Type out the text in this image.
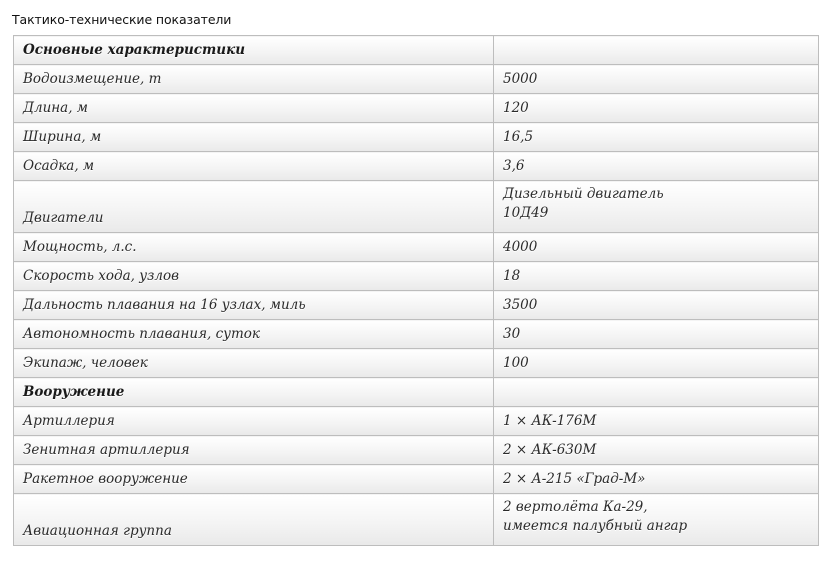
Тактико-технические показатели
Основные характеристики	
Водоизмещение, т	5000
Длина, м	120
Ширина, м	16,5
Осадка, м	3,6
Двигатели	Дизельный двигатель
10Д49

Мощность, л.с.	4000
Скорость хода, узлов	18
Дальность плавания на 16 узлах, миль	3500
Автономность плавания, суток	30
Экипаж, человек	100
Вооружение	
Артиллерия	1 × АК-176М
Зенитная артиллерия	2 × АК-630М
Ракетное вооружение	2 × А-215 «Град-М»
Авиационная группа	2 вертолёта Ка-29,
имеется палубный ангар
